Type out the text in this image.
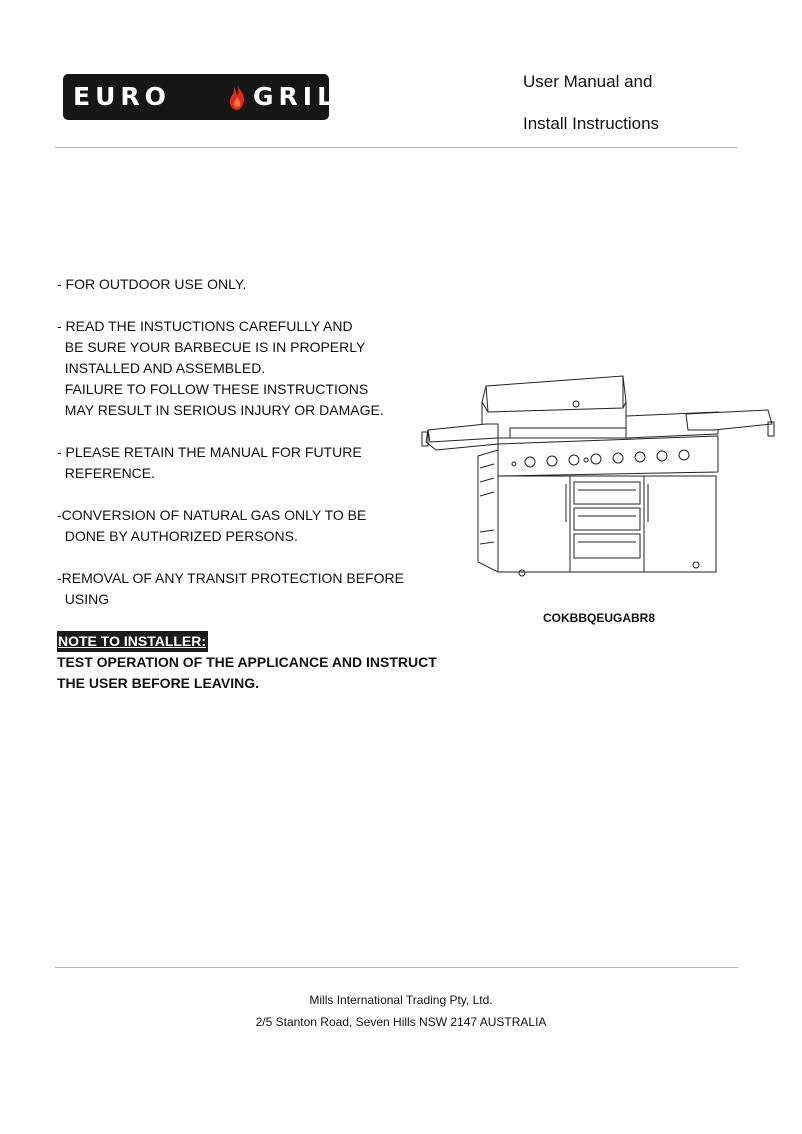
EURO	GRILLE
User Manual and
Install Instructions
- FOR OUTDOOR USE ONLY.
- READ THE INSTUCTIONS CAREFULLY AND
BE SURE YOUR BARBECUE IS IN PROPERLY
INSTALLED AND ASSEMBLED.
FAILURE TO FOLLOW THESE INSTRUCTIONS
MAY RESULT IN SERIOUS INJURY OR DAMAGE.
- PLEASE RETAIN THE MANUAL FOR FUTURE
REFERENCE.
-CONVERSION OF NATURAL GAS ONLY TO BE
DONE BY AUTHORIZED PERSONS.
-REMOVAL OF ANY TRANSIT PROTECTION BEFORE
USING
NOTE TO INSTALLER:
TEST OPERATION OF THE APPLICANCE AND INSTRUCT
THE USER BEFORE LEAVING.
COKBBQEUGABR8
Mills International Trading Pty, Ltd.
2/5 Stanton Road, Seven Hills NSW 2147 AUSTRALIA
